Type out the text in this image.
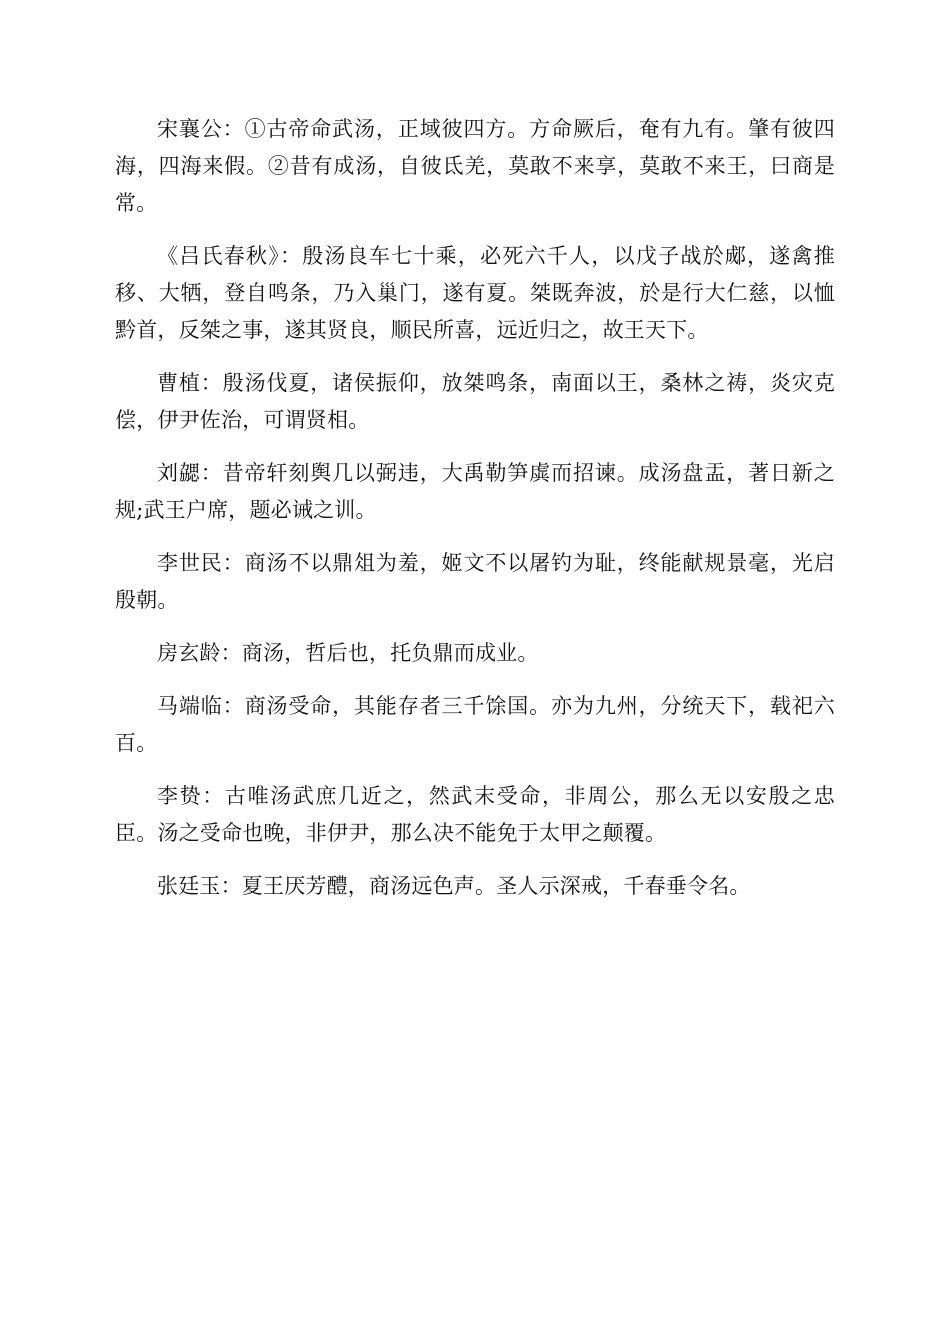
宋襄公：①古帝命武汤，正域彼四方。方命厥后，奄有九有。肇有彼四海，四海来假。②昔有成汤，自彼氐羌，莫敢不来享，莫敢不来王，曰商是常。

《吕氏春秋》：殷汤良车七十乘，必死六千人，以戊子战於郕，遂禽推移、大牺，登自鸣条，乃入巢门，遂有夏。桀既奔波，於是行大仁慈，以恤黔首，反桀之事，遂其贤良，顺民所喜，远近归之，故王天下。

曹植：殷汤伐夏，诸侯振仰，放桀鸣条，南面以王，桑林之祷，炎灾克偿，伊尹佐治，可谓贤相。

刘勰：昔帝轩刻舆几以弼违，大禹勒笋虡而招谏。成汤盘盂，著日新之规;武王户席，题必诫之训。

李世民：商汤不以鼎俎为羞，姬文不以屠钓为耻，终能献规景毫，光启殷朝。

房玄龄：商汤，哲后也，托负鼎而成业。

马端临：商汤受命，其能存者三千馀国。亦为九州，分统天下，载祀六百。

李贽：古唯汤武庶几近之，然武末受命，非周公，那么无以安殷之忠臣。汤之受命也晚，非伊尹，那么决不能免于太甲之颠覆。

张廷玉：夏王厌芳醴，商汤远色声。圣人示深戒，千春垂令名。
